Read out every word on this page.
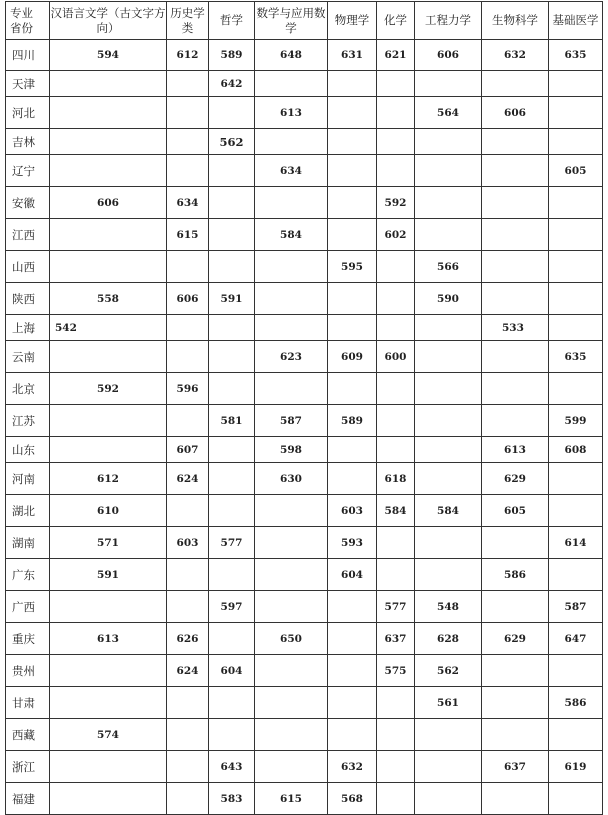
专业
省份	汉语言文学（古文字方向）	历史学类	哲学	数学与应用数学	物理学	化学	工程力学	生物科学	基础医学
四川	594	612	589	648	631	621	606	632	635
天津			642						
河北				613			564	606	
吉林			562						
辽宁				634					605
安徽	606	634				592			
江西		615		584		602			
山西					595		566		
陕西	558	606	591				590		
上海	542							533	
云南				623	609	600			635
北京	592	596							
江苏			581	587	589				599
山东		607		598				613	608
河南	612	624		630		618		629	
湖北	610				603	584	584	605	
湖南	571	603	577		593				614
广东	591				604			586	
广西			597			577	548		587
重庆	613	626		650		637	628	629	647
贵州		624	604			575	562		
甘肃							561		586
西藏	574								
浙江			643		632			637	619
福建			583	615	568				
